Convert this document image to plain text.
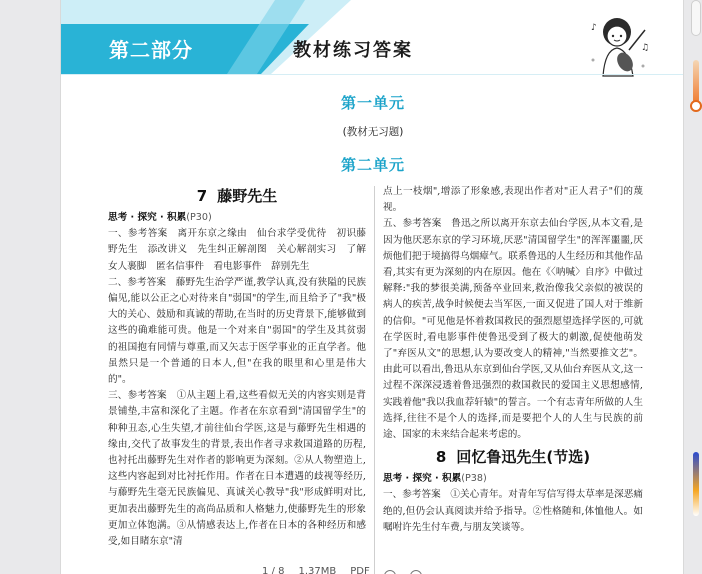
第二部分	教材练习答案
♪
♫
第一单元
(教材无习题)
第二单元
7 藤野先生
思考 · 探究 · 积累(P30)

一、参考答案　离开东京之缘由　仙台求学受优待　初识藤野先生　添改讲义　先生纠正解剖图　关心解剖实习　了解女人裹脚　匿名信事件　看电影事件　辞别先生

二、参考答案　藤野先生治学严谨,教学认真,没有狭隘的民族偏见,能以公正之心对待来自"弱国"的学生,而且给予了"我"极大的关心、鼓励和真诚的帮助,在当时的历史背景下,能够做到这些的确难能可贵。他是一个对来自"弱国"的学生及其贫弱的祖国抱有同情与尊重,而又矢志于医学事业的正直学者。他虽然只是一个普通的日本人,但"在我的眼里和心里是伟大的"。

三、参考答案　①从主题上看,这些看似无关的内容实则是背景铺垫,丰富和深化了主题。作者在东京看到"清国留学生"的种种丑态,心生失望,才前往仙台学医,这是与藤野先生相遇的缘由,交代了故事发生的背景,表出作者寻求救国道路的历程,也衬托出藤野先生对作者的影响更为深刻。②从人物塑造上,这些内容起到对比衬托作用。作者在日本遭遇的歧视等经历,与藤野先生毫无民族偏见、真诚关心教导"我"形成鲜明对比,更加表出藤野先生的高尚品质和人格魅力,使藤野先生的形象更加立体饱满。③从情感表达上,作者在日本的各种经历和感受,如目睹东京"清

点上一枝烟",增添了形象感,表现出作者对"正人君子"们的蔑视。

五、参考答案　鲁迅之所以离开东京去仙台学医,从本文看,是因为他厌恶东京的学习环境,厌恶"清国留学生"的浑浑噩噩,厌烦他们把于境搞得乌烟瘴气。联系鲁迅的人生经历和其他作品看,其实有更为深刻的内在原因。他在《〈呐喊〉自序》中做过解释:"我的梦很美满,预备卒业回来,救治像我父亲似的被误的病人的疾苦,战争时候便去当军医,一面又促进了国人对于维新的信仰。"可见他是怀着救国救民的强烈愿望选择学医的,可就在学医时,看电影事件使鲁迅受到了极大的刺激,促使他萌发了"弃医从文"的思想,认为要改变人的精神,"当然要推文艺"。由此可以看出,鲁迅从东京到仙台学医,又从仙台弃医从文,这一过程不深深浸透着鲁迅强烈的救国救民的爱国主义思想感情,实践着他"我以我血荐轩辕"的誓言。一个有志青年所做的人生选择,往往不是个人的选择,而是要把个人的人生与民族的前途、国家的未来结合起来考虑的。

8 回忆鲁迅先生(节选)
思考 · 探究 · 积累(P38)

一、参考答案　①关心青年。对青年写信写得太草率是深恶痛绝的,但仍会认真阅读并给予指导。②性格随和,体恤他人。如嘱咐许先生付车费,与朋友笑谈等。

1 / 8 1.37MB PDF
